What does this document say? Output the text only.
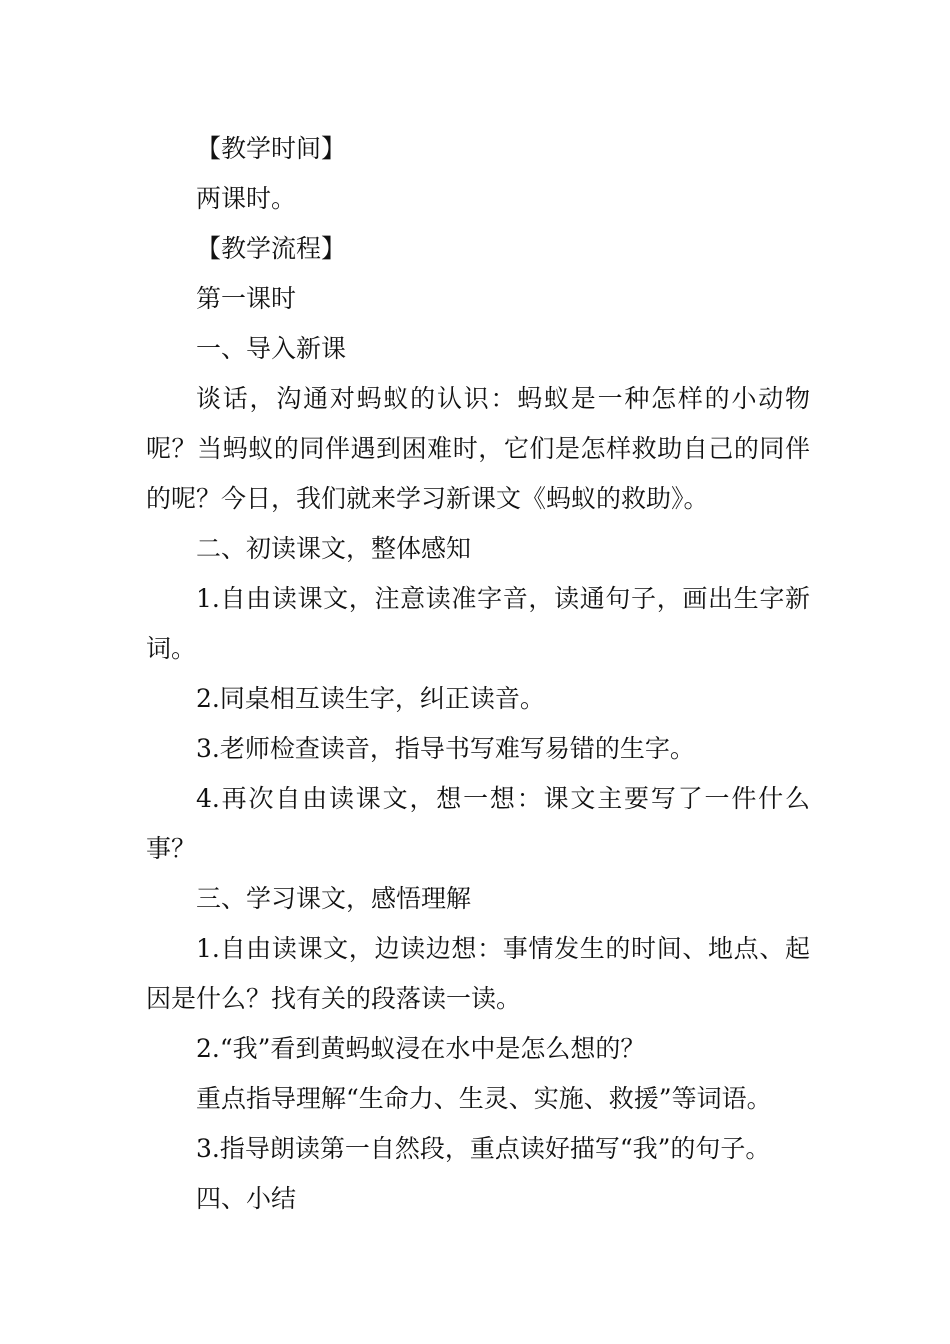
【教学时间】

两课时。

【教学流程】

第一课时

一、导入新课

谈话，沟通对蚂蚁的认识：蚂蚁是一种怎样的小动物呢？当蚂蚁的同伴遇到困难时，它们是怎样救助自己的同伴的呢？今日，我们就来学习新课文《蚂蚁的救助》。

二、初读课文，整体感知

1.自由读课文，注意读准字音，读通句子，画出生字新词。

2.同桌相互读生字，纠正读音。

3.老师检查读音，指导书写难写易错的生字。

4.再次自由读课文，想一想：课文主要写了一件什么事？

三、学习课文，感悟理解

1.自由读课文，边读边想：事情发生的时间、地点、起因是什么？找有关的段落读一读。

2.“我”看到黄蚂蚁浸在水中是怎么想的？

重点指导理解“生命力、生灵、实施、救援”等词语。

3.指导朗读第一自然段，重点读好描写“我”的句子。

四、小结
